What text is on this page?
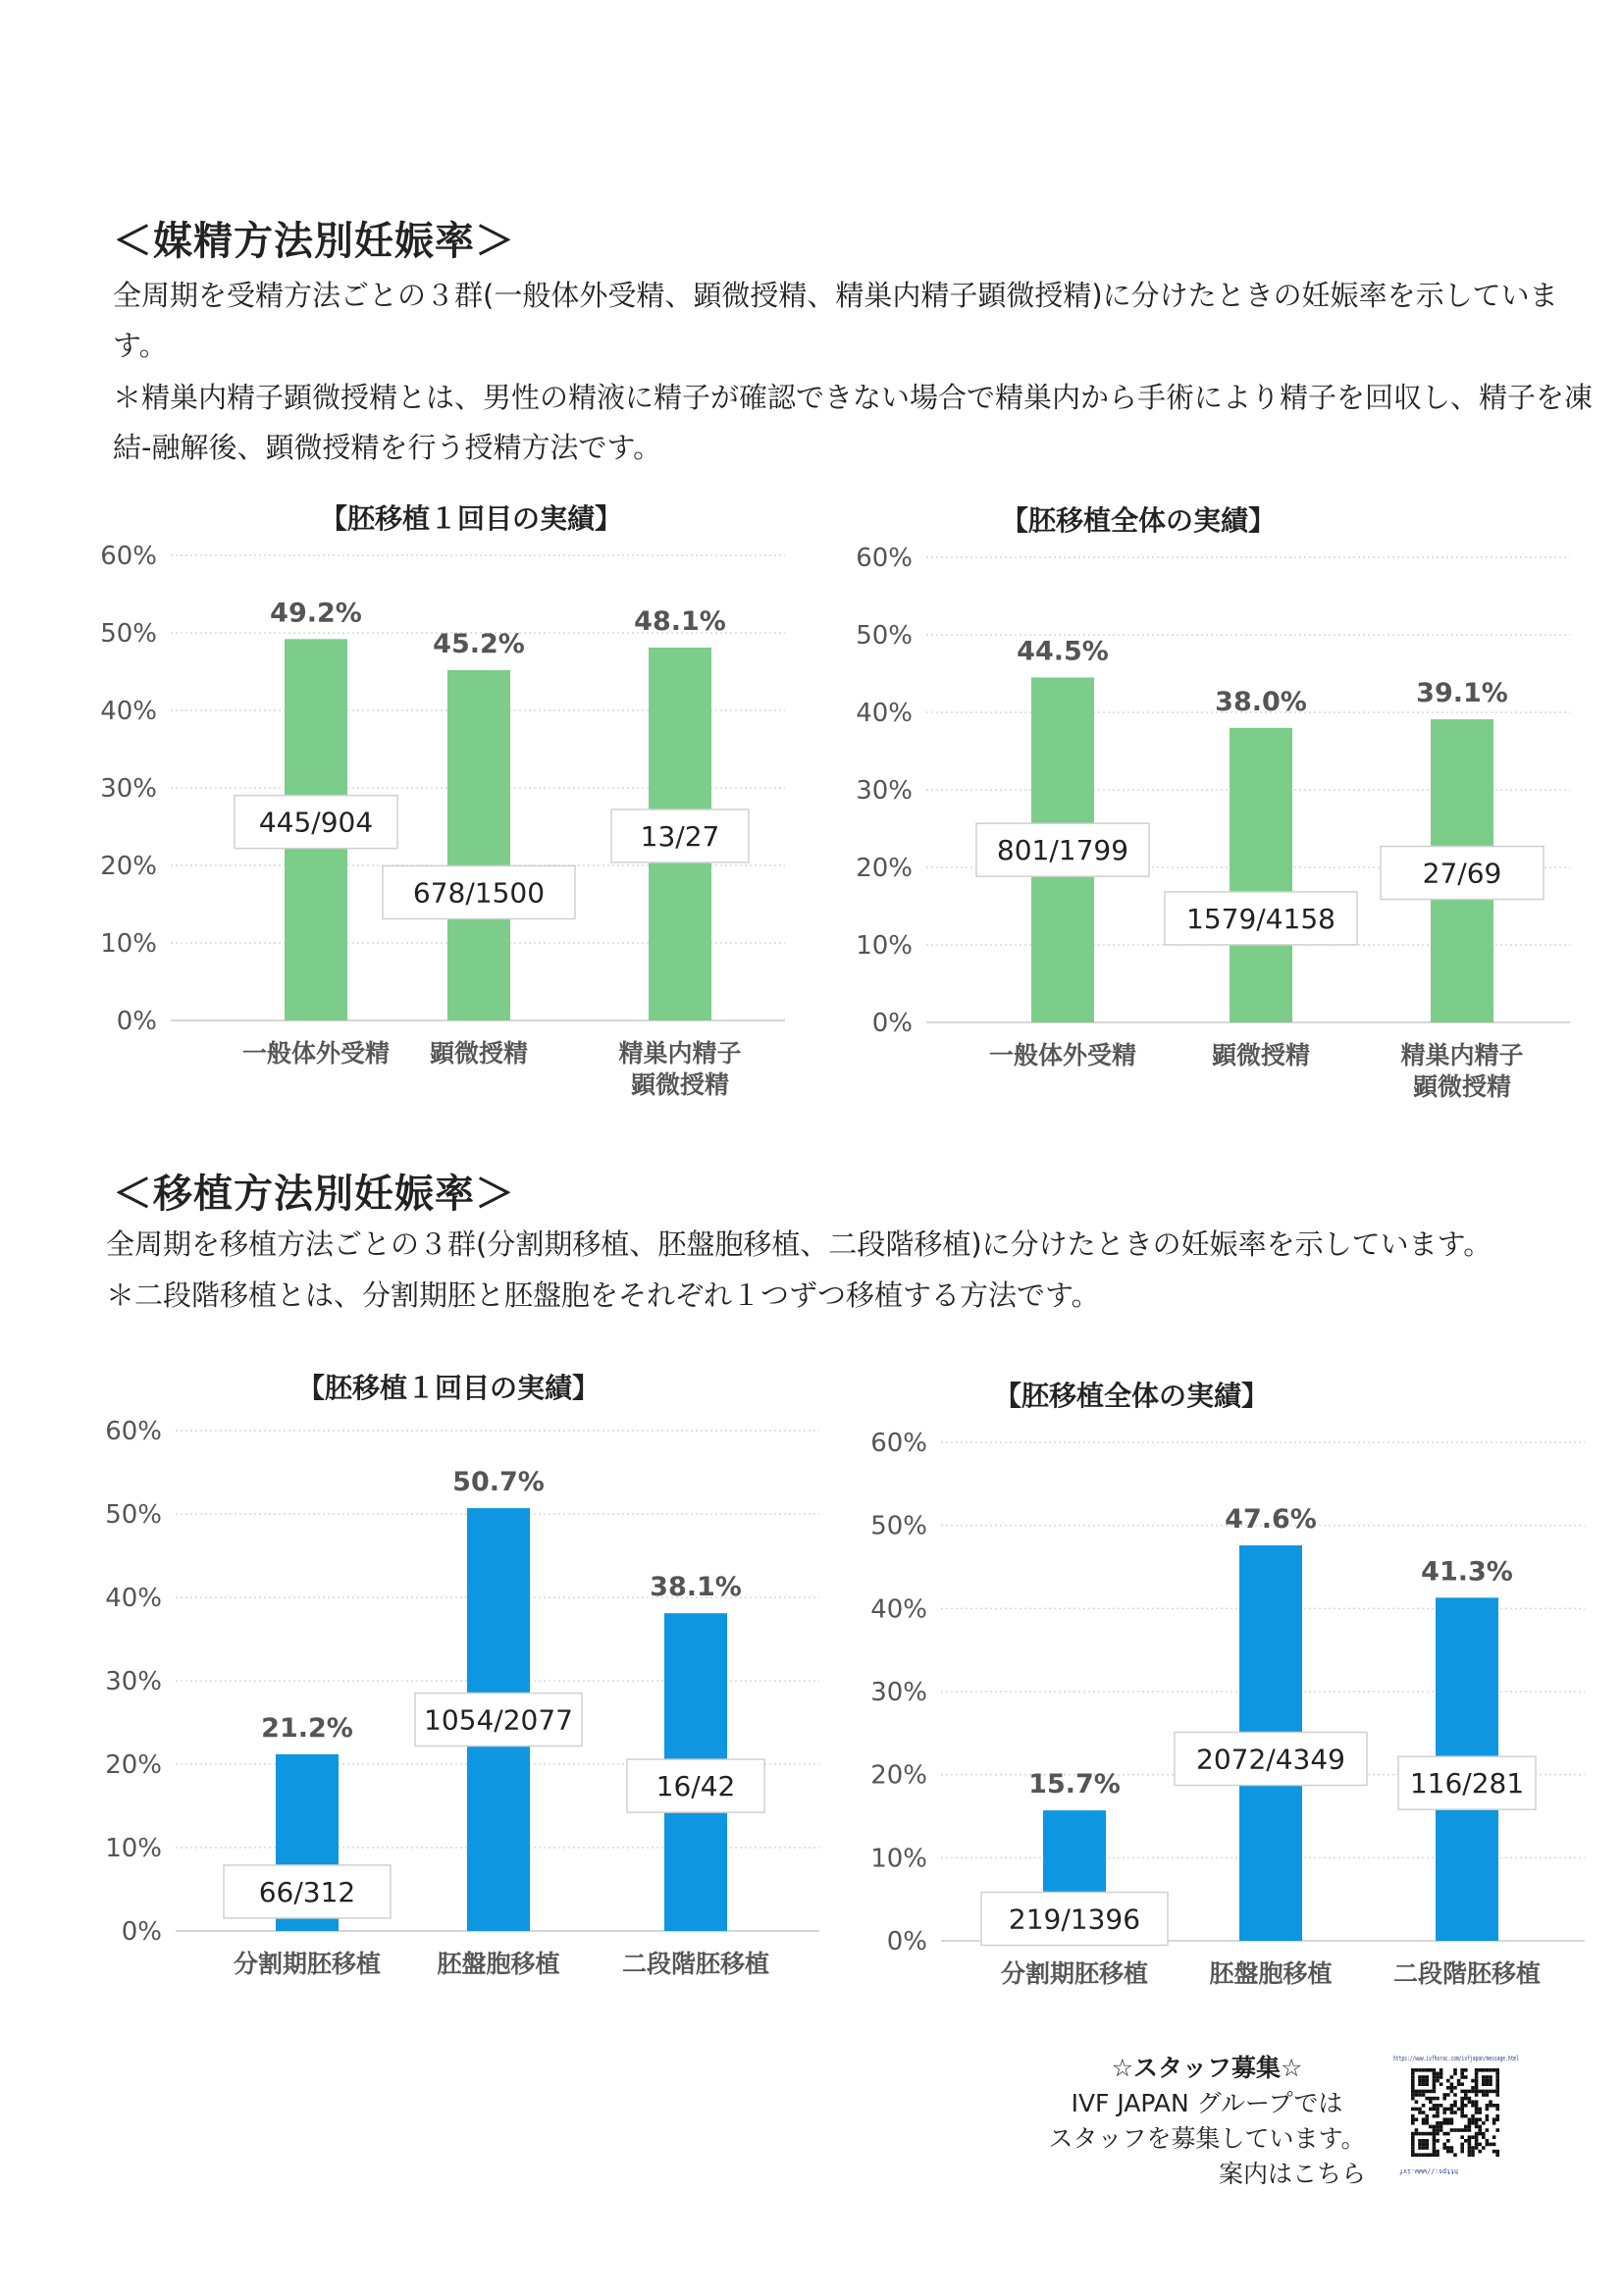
＜媒精方法別妊娠率＞

全周期を受精方法ごとの３群(一般体外受精、顕微授精、精巣内精子顕微授精)に分けたときの妊娠率を示しています。

＊精巣内精子顕微授精とは、男性の精液に精子が確認できない場合で精巣内から手術により精子を回収し、精子を凍結-融解後、顕微授精を行う授精方法です。

【胚移植１回目の実績】
0%
10%
20%
30%
40%
50%
60%
49.2%
445/904
一般体外受精
45.2%
678/1500
顕微授精
48.1%
13/27
精巣内精子
顕微授精
【胚移植全体の実績】
0%
10%
20%
30%
40%
50%
60%
44.5%
801/1799
一般体外受精
38.0%
1579/4158
顕微授精
39.1%
27/69
精巣内精子
顕微授精
＜移植方法別妊娠率＞

全周期を移植方法ごとの３群(分割期移植、胚盤胞移植、二段階移植)に分けたときの妊娠率を示しています。

＊二段階移植とは、分割期胚と胚盤胞をそれぞれ１つずつ移植する方法です。

【胚移植１回目の実績】
0%
10%
20%
30%
40%
50%
60%
21.2%
66/312
分割期胚移植
50.7%
1054/2077
胚盤胞移植
38.1%
16/42
二段階胚移植
【胚移植全体の実績】
0%
10%
20%
30%
40%
50%
60%
15.7%
219/1396
分割期胚移植
47.6%
2072/4349
胚盤胞移植
41.3%
116/281
二段階胚移植
☆スタッフ募集☆
IVF JAPAN グループでは
スタッフを募集しています。
案内はこちら
https://www.ivfhorac.com/ivfjapan/message.html
https://www.ivf
